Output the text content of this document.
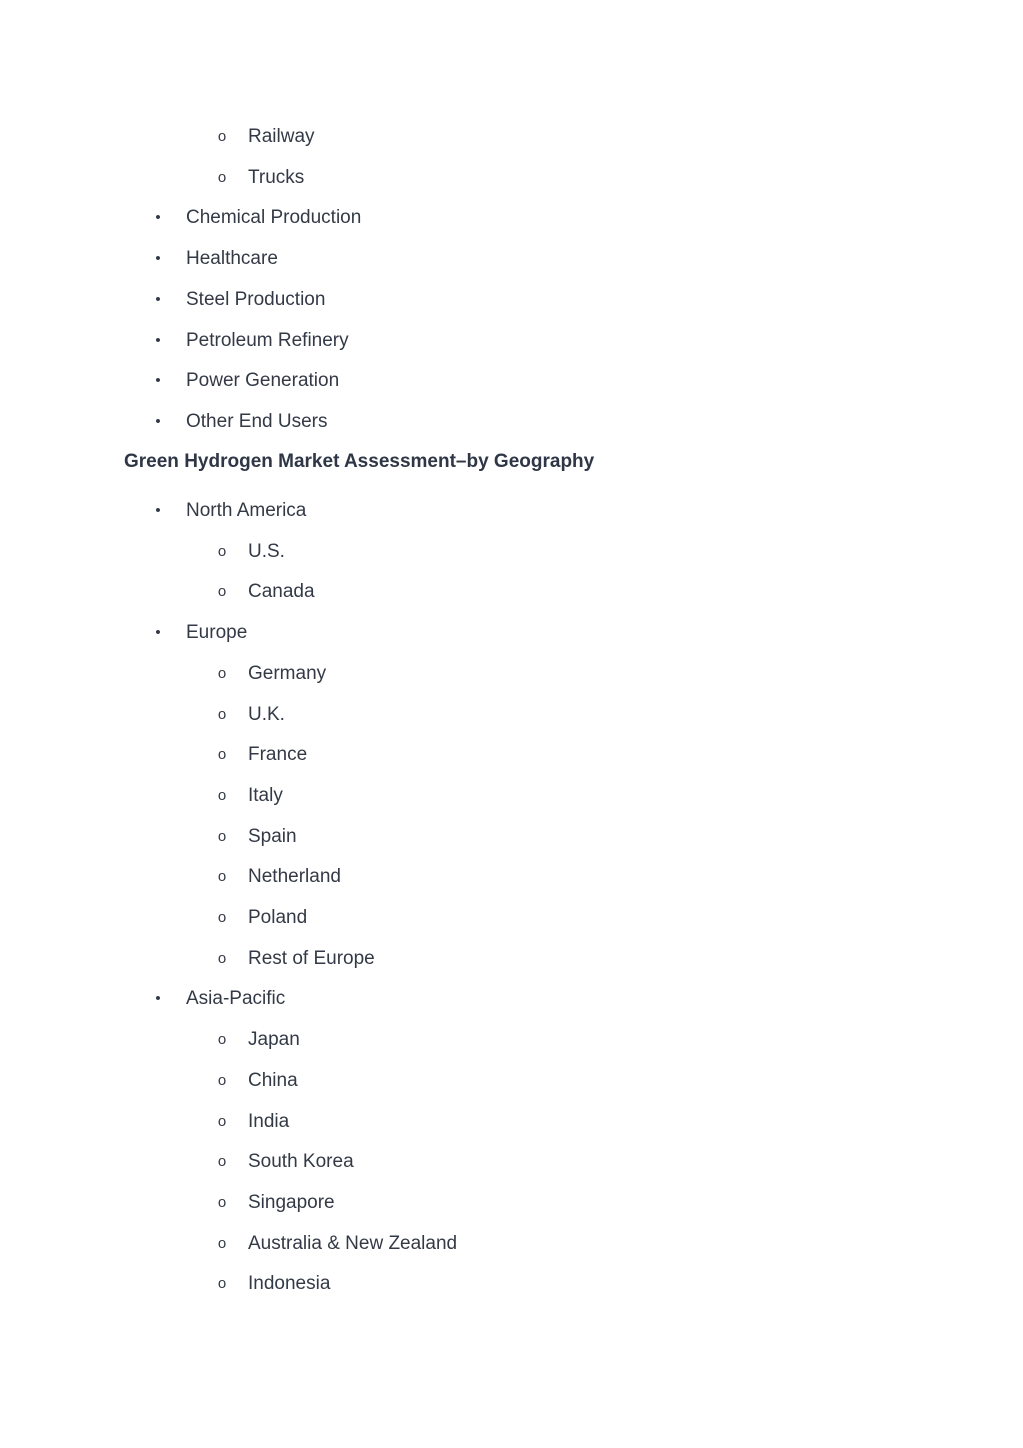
o Railway
o Trucks
• Chemical Production
• Healthcare
• Steel Production
• Petroleum Refinery
• Power Generation
• Other End Users
Green Hydrogen Market Assessment–by Geography
• North America
o U.S.
o Canada
• Europe
o Germany
o U.K.
o France
o Italy
o Spain
o Netherland
o Poland
o Rest of Europe
• Asia-Pacific
o Japan
o China
o India
o South Korea
o Singapore
o Australia & New Zealand
o Indonesia
